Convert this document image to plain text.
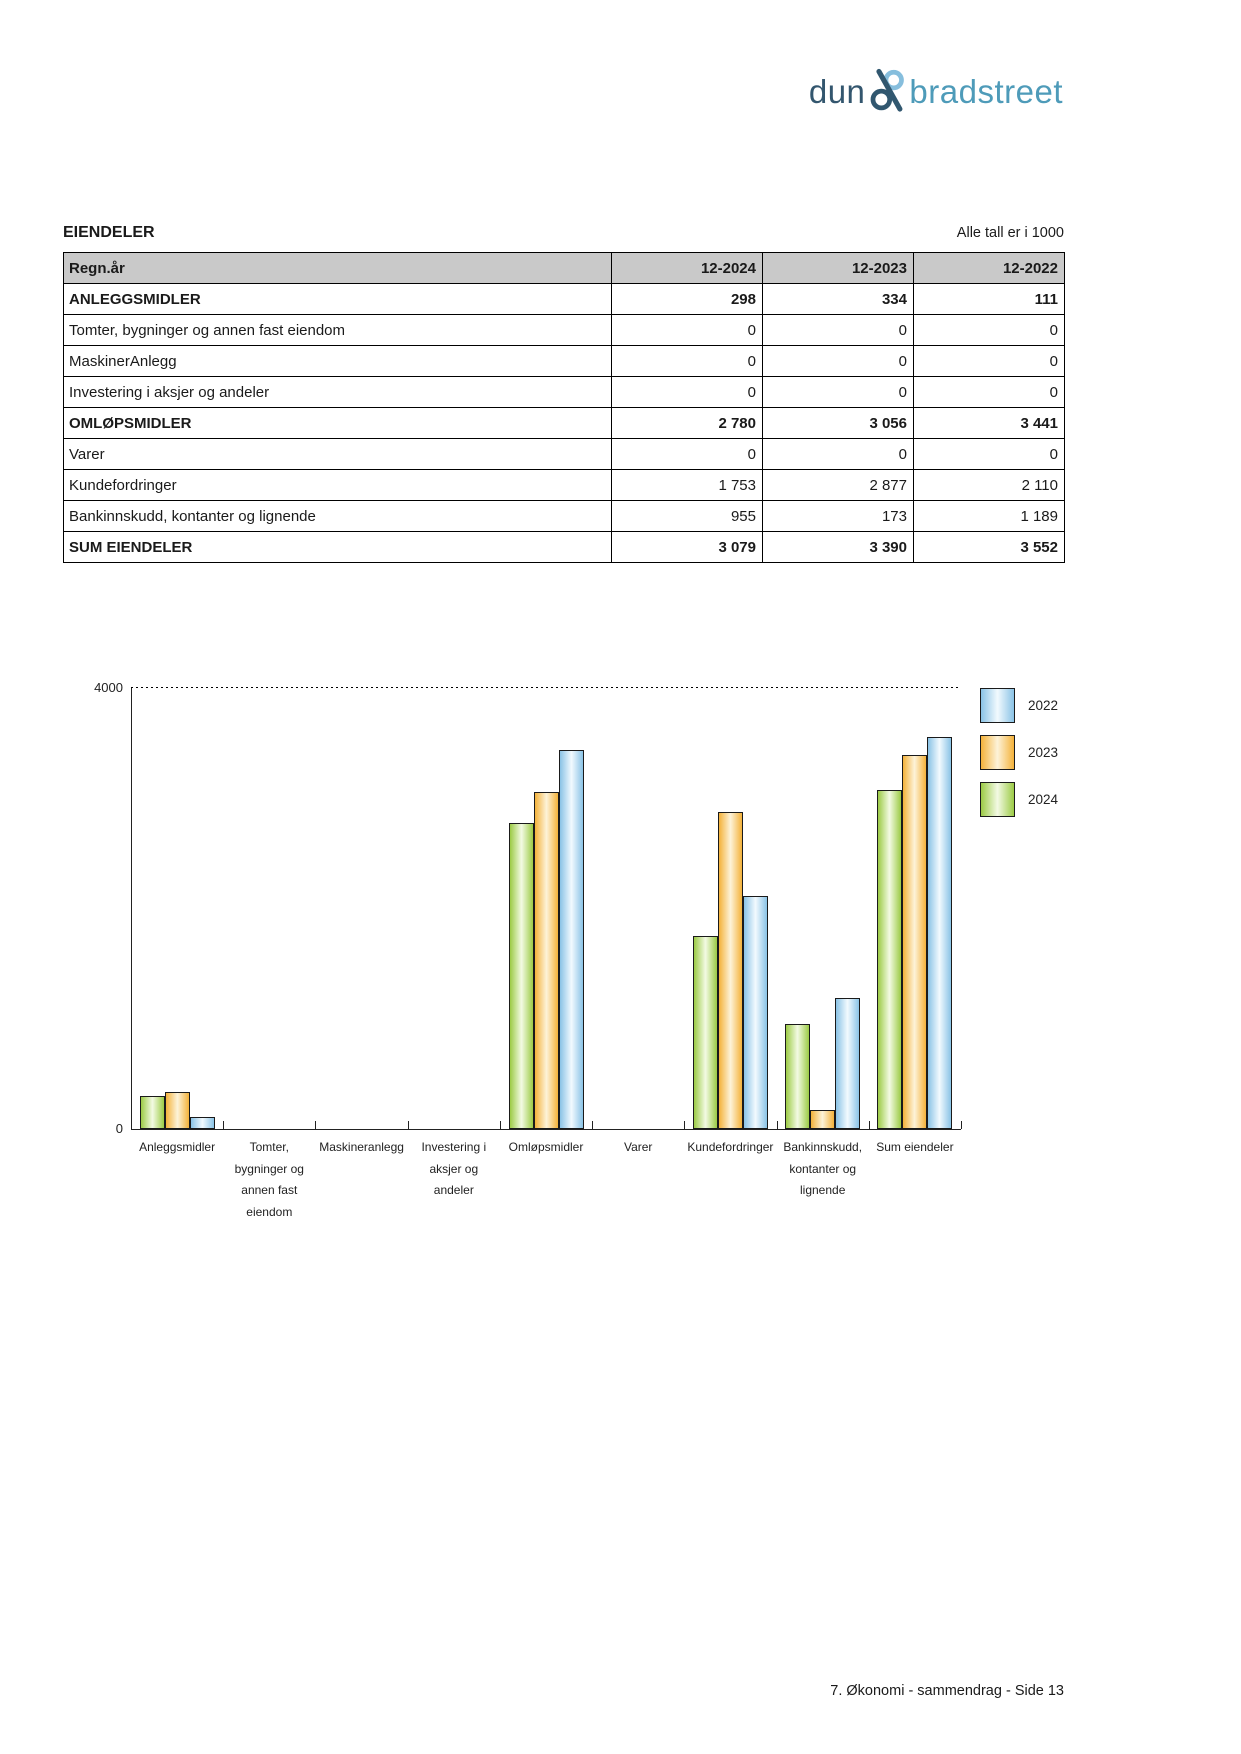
dun bradstreet
EIENDELER	Alle tall er i 1000
Regn.år	12-2024	12-2023	12-2022
ANLEGGSMIDLER	298	334	111
Tomter, bygninger og annen fast eiendom	0	0	0
MaskinerAnlegg	0	0	0
Investering i aksjer og andeler	0	0	0
OMLØPSMIDLER	2 780	3 056	3 441
Varer	0	0	0
Kundefordringer	1 753	2 877	2 110
Bankinnskudd, kontanter og lignende	955	173	1 189
SUM EIENDELER	3 079	3 390	3 552
4000
0
Anleggsmidler	Tomter,
bygninger og
annen fast
eiendom
Maskineranlegg	Investering i
aksjer og
andeler
Omløpsmidler	Varer	Kundefordringer Bankinnskudd,
kontanter og
lignende
Sum eiendeler
2022
2023
2024
7. Økonomi - sammendrag - Side 13
